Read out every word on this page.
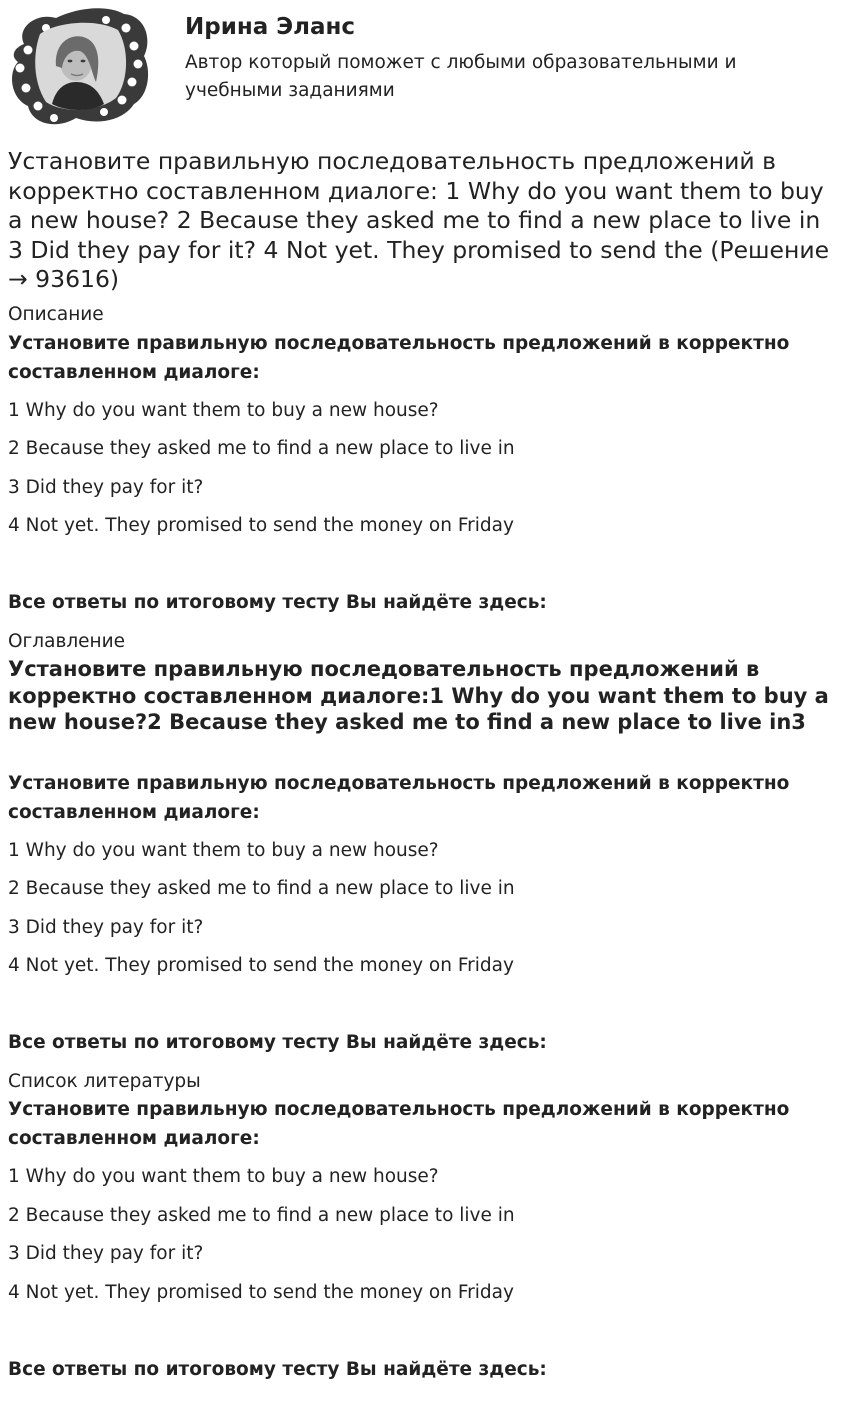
Ирина Эланс
Автор который поможет с любыми образовательными и учебными заданиями
Установите правильную последовательность предложений в корректно составленном диалоге: 1 Why do you want them to buy a new house? 2 Because they asked me to find a new place to live in 3 Did they pay for it? 4 Not yet. They promised to send the (Решение → 93616)
Описание
Установите правильную последовательность предложений в корректно составленном диалоге:
1 Why do you want them to buy a new house?
2 Because they asked me to find a new place to live in
3 Did they pay for it?
4 Not yet. They promised to send the money on Friday
Все ответы по итоговому тесту Вы найдёте здесь:
Оглавление
Установите правильную последовательность предложений в корректно составленном диалоге:1 Why do you want them to buy a new house?2 Because they asked me to find a new place to live in3
Установите правильную последовательность предложений в корректно составленном диалоге:
1 Why do you want them to buy a new house?
2 Because they asked me to find a new place to live in
3 Did they pay for it?
4 Not yet. They promised to send the money on Friday
Все ответы по итоговому тесту Вы найдёте здесь:
Список литературы
Установите правильную последовательность предложений в корректно составленном диалоге:
1 Why do you want them to buy a new house?
2 Because they asked me to find a new place to live in
3 Did they pay for it?
4 Not yet. They promised to send the money on Friday
Все ответы по итоговому тесту Вы найдёте здесь:
